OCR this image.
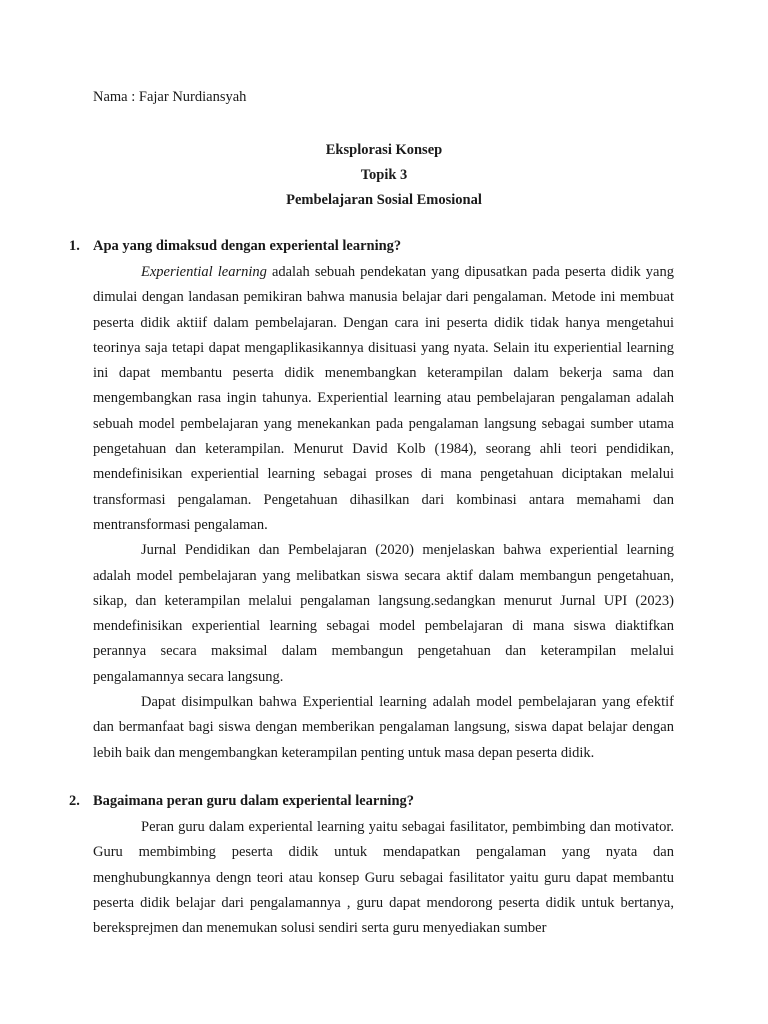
Nama : Fajar Nurdiansyah
Eksplorasi Konsep
Topik 3
Pembelajaran Sosial Emosional
1. Apa yang dimaksud dengan experiental learning?

Experiential learning adalah sebuah pendekatan yang dipusatkan pada peserta didik yang dimulai dengan landasan pemikiran bahwa manusia belajar dari pengalaman. Metode ini membuat peserta didik aktiif dalam pembelajaran. Dengan cara ini peserta didik tidak hanya mengetahui teorinya saja tetapi dapat mengaplikasikannya disituasi yang nyata. Selain itu experiential learning ini dapat membantu peserta didik menembangkan keterampilan dalam bekerja sama dan mengembangkan rasa ingin tahunya. Experiential learning atau pembelajaran pengalaman adalah sebuah model pembelajaran yang menekankan pada pengalaman langsung sebagai sumber utama pengetahuan dan keterampilan. Menurut David Kolb (1984), seorang ahli teori pendidikan, mendefinisikan experiential learning sebagai proses di mana pengetahuan diciptakan melalui transformasi pengalaman. Pengetahuan dihasilkan dari kombinasi antara memahami dan mentransformasi pengalaman.

Jurnal Pendidikan dan Pembelajaran (2020) menjelaskan bahwa experiential learning adalah model pembelajaran yang melibatkan siswa secara aktif dalam membangun pengetahuan, sikap, dan keterampilan melalui pengalaman langsung.sedangkan menurut Jurnal UPI (2023) mendefinisikan experiential learning sebagai model pembelajaran di mana siswa diaktifkan perannya secara maksimal dalam membangun pengetahuan dan keterampilan melalui pengalamannya secara langsung.

Dapat disimpulkan bahwa Experiential learning adalah model pembelajaran yang efektif dan bermanfaat bagi siswa dengan memberikan pengalaman langsung, siswa dapat belajar dengan lebih baik dan mengembangkan keterampilan penting untuk masa depan peserta didik.

2. Bagaimana peran guru dalam experiental learning?

Peran guru dalam experiental learning yaitu sebagai fasilitator, pembimbing dan motivator. Guru membimbing peserta didik untuk mendapatkan pengalaman yang nyata dan menghubungkannya dengn teori atau konsep Guru sebagai fasilitator yaitu guru dapat membantu peserta didik belajar dari pengalamannya , guru dapat mendorong peserta didik untuk bertanya, bereksprejmen dan menemukan solusi sendiri serta guru menyediakan sumber
